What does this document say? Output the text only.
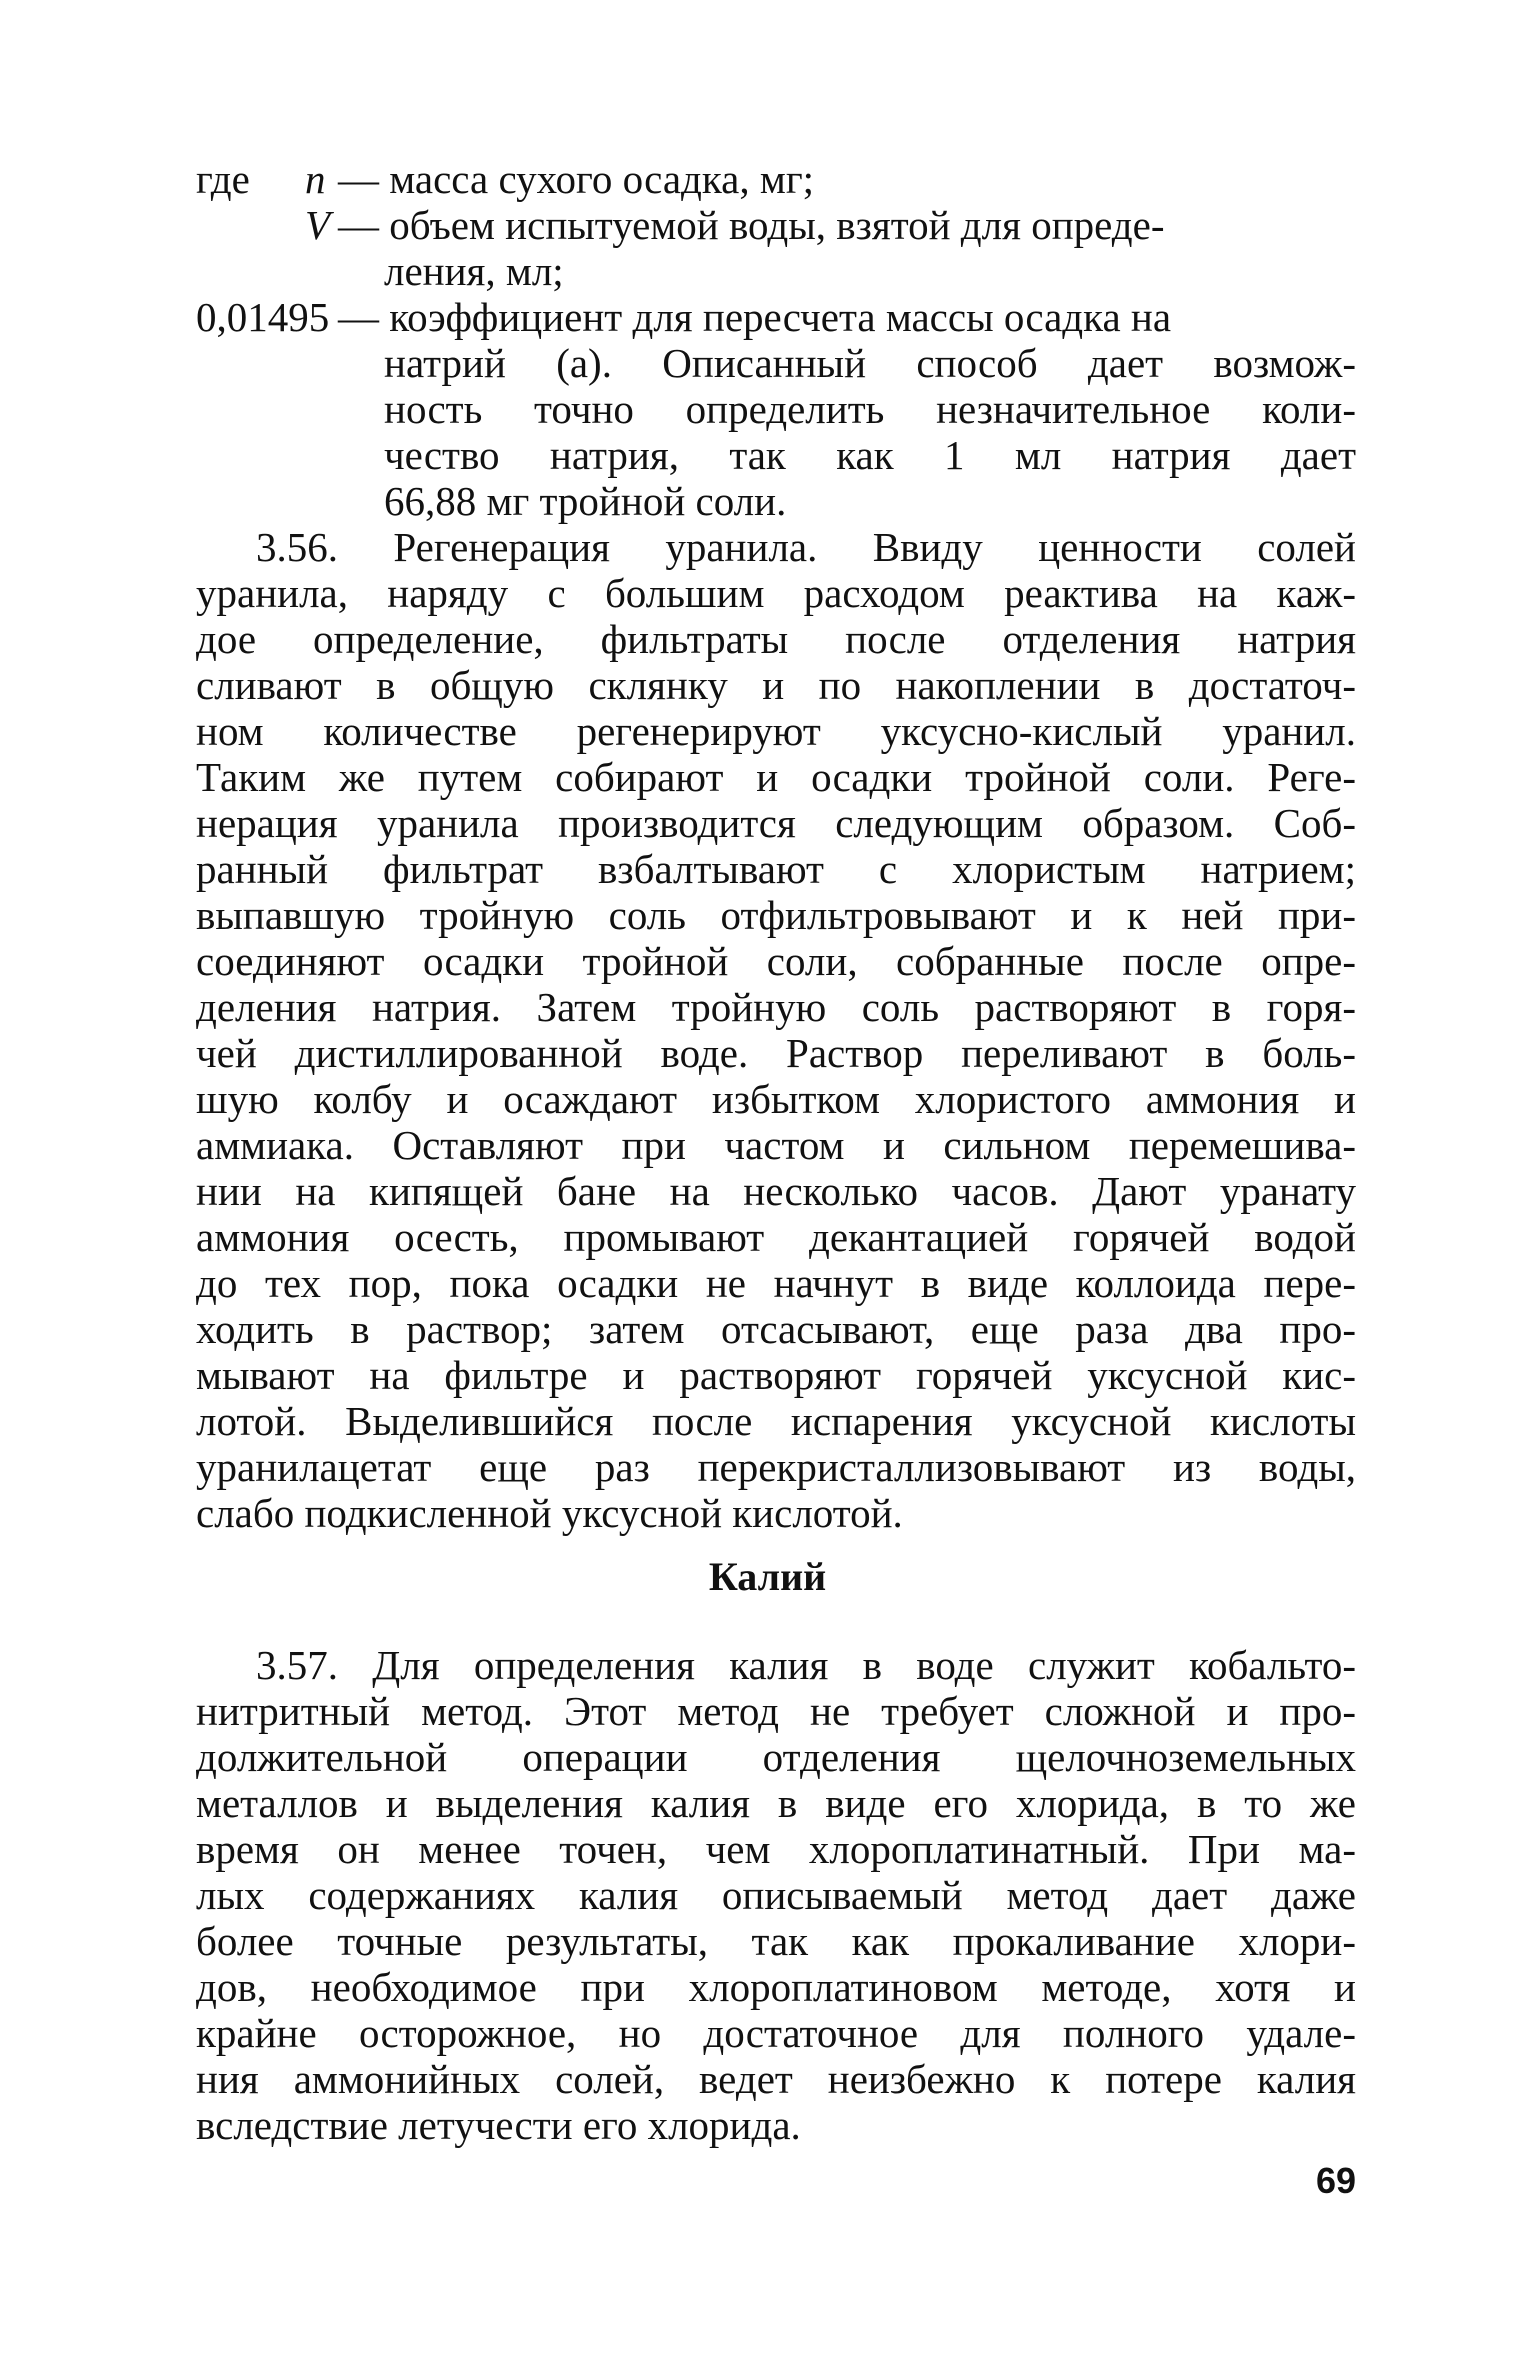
где n — масса сухого осадка, мг;
V — объем испытуемой воды, взятой для опреде-
ления, мл;
0,01495 — коэффициент для пересчета массы осадка на
натрий (а). Описанный способ дает возмож-
ность точно определить незначительное коли-
чество натрия, так как 1 мл натрия дает
66,88 мг тройной соли.
3.56. Регенерация уранила. Ввиду ценности солей
уранила, наряду с большим расходом реактива на каж-
дое определение, фильтраты после отделения натрия
сливают в общую склянку и по накоплении в достаточ-
ном количестве регенерируют уксусно-кислый уранил.
Таким же путем собирают и осадки тройной соли. Реге-
нерация уранила производится следующим образом. Соб-
ранный фильтрат взбалтывают с хлористым натрием;
выпавшую тройную соль отфильтровывают и к ней при-
соединяют осадки тройной соли, собранные после опре-
деления натрия. Затем тройную соль растворяют в горя-
чей дистиллированной воде. Раствор переливают в боль-
шую колбу и осаждают избытком хлористого аммония и
аммиака. Оставляют при частом и сильном перемешива-
нии на кипящей бане на несколько часов. Дают уранату
аммония осесть, промывают декантацией горячей водой
до тех пор, пока осадки не начнут в виде коллоида пере-
ходить в раствор; затем отсасывают, еще раза два про-
мывают на фильтре и растворяют горячей уксусной кис-
лотой. Выделившийся после испарения уксусной кислоты
уранилацетат еще раз перекристаллизовывают из воды,
слабо подкисленной уксусной кислотой.
Калий
3.57. Для определения калия в воде служит кобальто-
нитритный метод. Этот метод не требует сложной и про-
должительной операции отделения щелочноземельных
металлов и выделения калия в виде его хлорида, в то же
время он менее точен, чем хлороплатинатный. При ма-
лых содержаниях калия описываемый метод дает даже
более точные результаты, так как прокаливание хлори-
дов, необходимое при хлороплатиновом методе, хотя и
крайне осторожное, но достаточное для полного удале-
ния аммонийных солей, ведет неизбежно к потере калия
вследствие летучести его хлорида.
69
